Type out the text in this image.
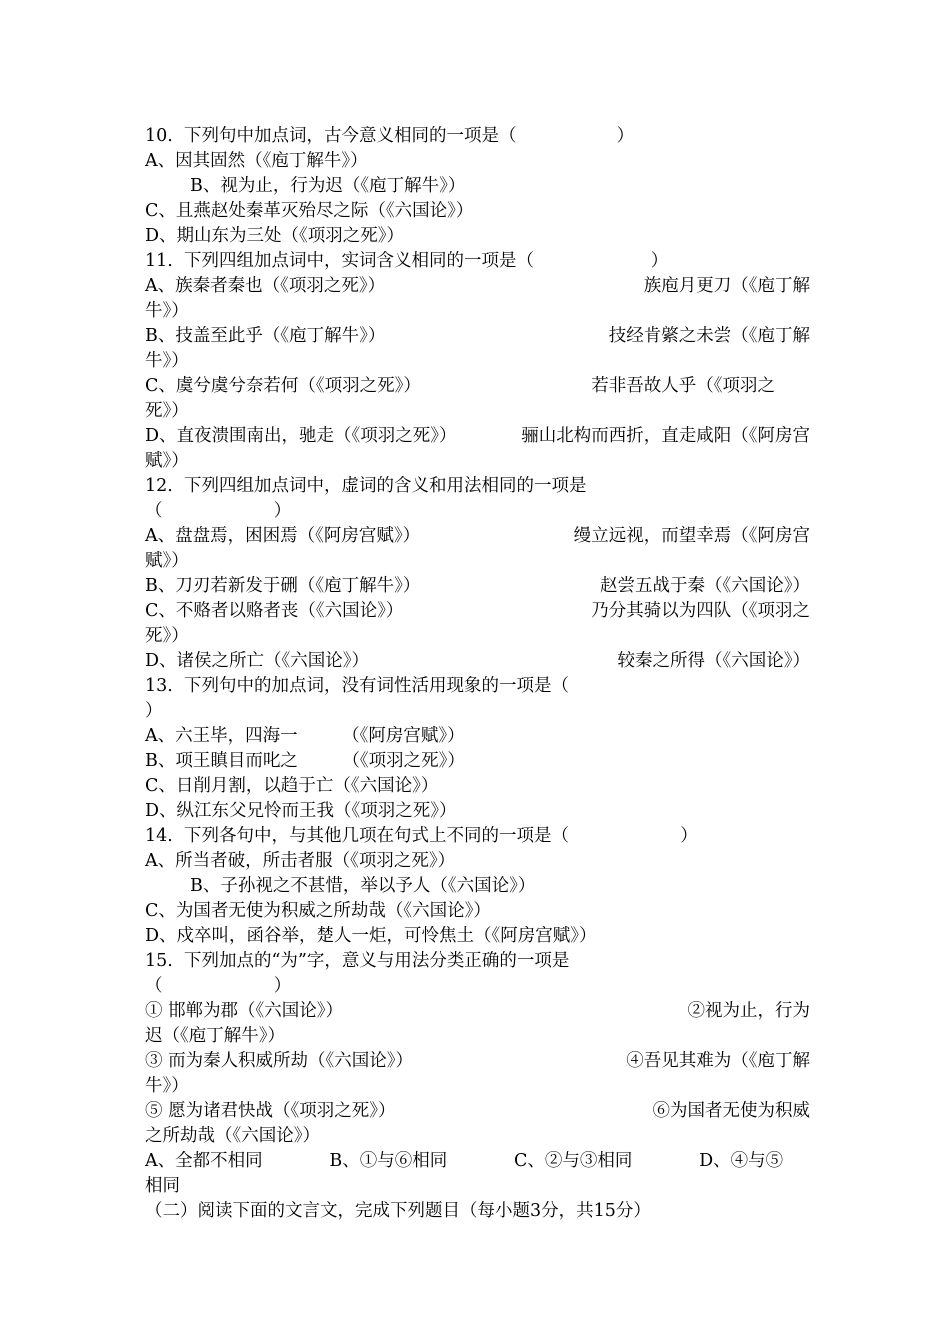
10.  下列句中加点词，古今意义相同的一项是（                  ）
A、因其固然（《庖丁解牛》）
B、视为止，行为迟（《庖丁解牛》）
C、且燕赵处秦革灭殆尽之际（《六国论》）
D、期山东为三处（《项羽之死》）
11.  下列四组加点词中，实词含义相同的一项是（                     ）
A、族秦者秦也（《项羽之死》）	族庖月更刀（《庖丁解
牛》）
B、技盖至此乎（《庖丁解牛》）	技经肯綮之未尝（《庖丁解
牛》）
C、虞兮虞兮奈若何（《项羽之死》）	若非吾故人乎（《项羽之
死》）
D、直夜溃围南出，驰走（《项羽之死》）	骊山北构而西折，直走咸阳（《阿房宫
赋》）
12.  下列四组加点词中，虚词的含义和用法相同的一项是
（                    ）
A、盘盘焉，困困焉（《阿房宫赋》）	缦立远视，而望幸焉（《阿房宫
赋》）
B、刀刃若新发于硎（《庖丁解牛》）	赵尝五战于秦（《六国论》）
C、不赂者以赂者丧（《六国论》）	乃分其骑以为四队（《项羽之
死》）
D、诸侯之所亡（《六国论》）	较秦之所得（《六国论》）
13.  下列句中的加点词，没有词性活用现象的一项是（
）
A、六王毕，四海一        （《阿房宫赋》）
B、项王瞋目而叱之        （《项羽之死》）
C、日削月割，以趋于亡（《六国论》）
D、纵江东父兄怜而王我（《项羽之死》）
14.  下列各句中，与其他几项在句式上不同的一项是（                    ）
A、所当者破，所击者服（《项羽之死》）
B、子孙视之不甚惜，举以予人（《六国论》）
C、为国者无使为积威之所劫哉（《六国论》）
D、戍卒叫，函谷举，楚人一炬，可怜焦土（《阿房宫赋》）
15.  下列加点的“为”字，意义与用法分类正确的一项是
（                    ）
① 邯郸为郡（《六国论》）	②视为止，行为
迟（《庖丁解牛》）
③ 而为秦人积威所劫（《六国论》）	④吾见其难为（《庖丁解
牛》）
⑤ 愿为诸君快战（《项羽之死》）	⑥为国者无使为积威
之所劫哉（《六国论》）
A、全都不相同            B、①与⑥相同            C、②与③相同            D、④与⑤
相同
（二）阅读下面的文言文，完成下列题目（每小题3分，共15分）
